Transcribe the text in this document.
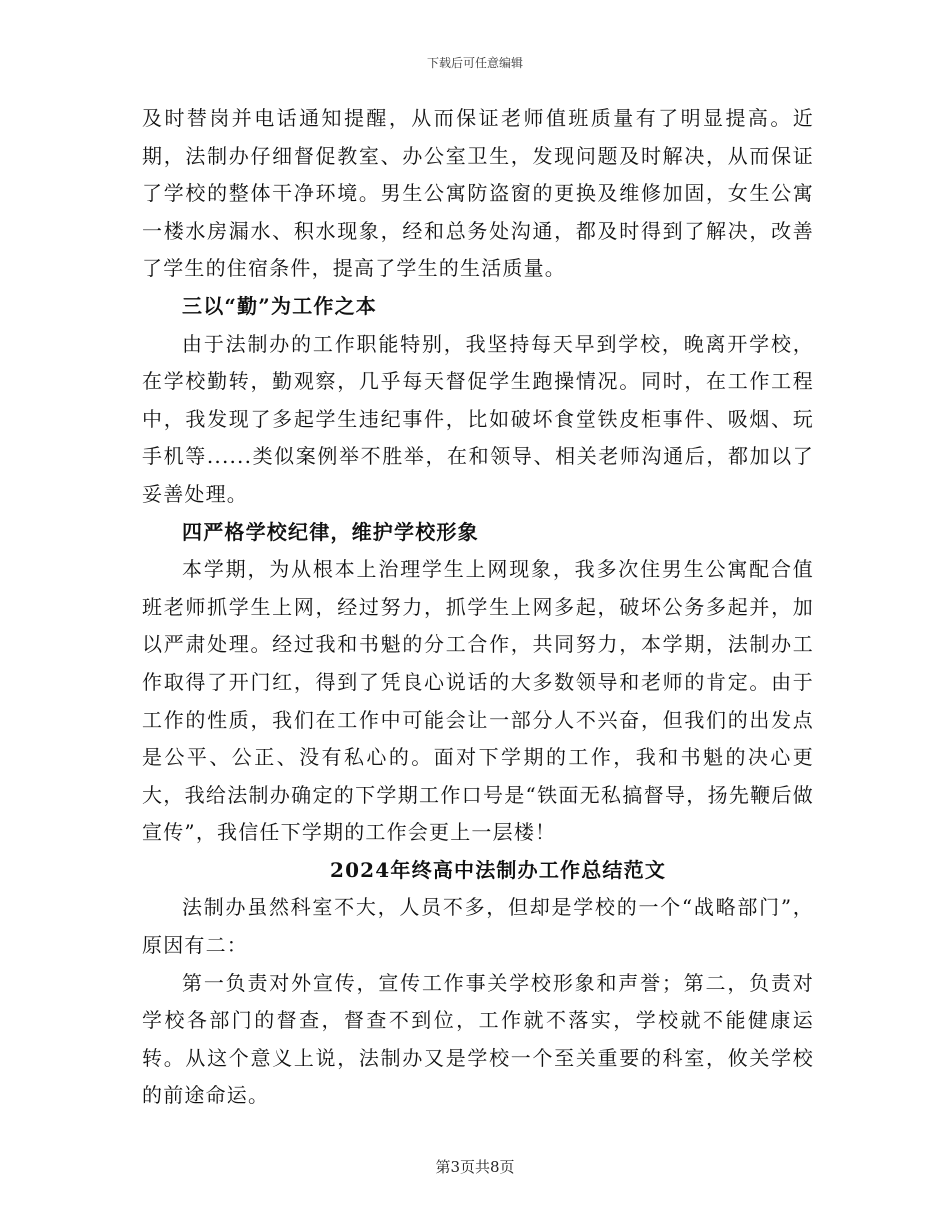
下载后可任意编辑

及时替岗并电话通知提醒，从而保证老师值班质量有了明显提高。近期，法制办仔细督促教室、办公室卫生，发现问题及时解决，从而保证了学校的整体干净环境。男生公寓防盗窗的更换及维修加固，女生公寓一楼水房漏水、积水现象，经和总务处沟通，都及时得到了解决，改善了学生的住宿条件，提高了学生的生活质量。

三以“勤”为工作之本

由于法制办的工作职能特别，我坚持每天早到学校，晚离开学校，在学校勤转，勤观察，几乎每天督促学生跑操情况。同时，在工作工程中，我发现了多起学生违纪事件，比如破坏食堂铁皮柜事件、吸烟、玩手机等......类似案例举不胜举，在和领导、相关老师沟通后，都加以了妥善处理。

四严格学校纪律，维护学校形象

本学期，为从根本上治理学生上网现象，我多次住男生公寓配合值班老师抓学生上网，经过努力，抓学生上网多起，破坏公务多起并，加以严肃处理。经过我和书魁的分工合作，共同努力，本学期，法制办工作取得了开门红，得到了凭良心说话的大多数领导和老师的肯定。由于工作的性质，我们在工作中可能会让一部分人不兴奋，但我们的出发点是公平、公正、没有私心的。面对下学期的工作，我和书魁的决心更大，我给法制办确定的下学期工作口号是“铁面无私搞督导，扬先鞭后做宣传”，我信任下学期的工作会更上一层楼！

2024年终高中法制办工作总结范文

法制办虽然科室不大，人员不多，但却是学校的一个“战略部门”，原因有二：

第一负责对外宣传，宣传工作事关学校形象和声誉；第二，负责对学校各部门的督查，督查不到位，工作就不落实，学校就不能健康运转。从这个意义上说，法制办又是学校一个至关重要的科室，攸关学校的前途命运。

第3页共8页
